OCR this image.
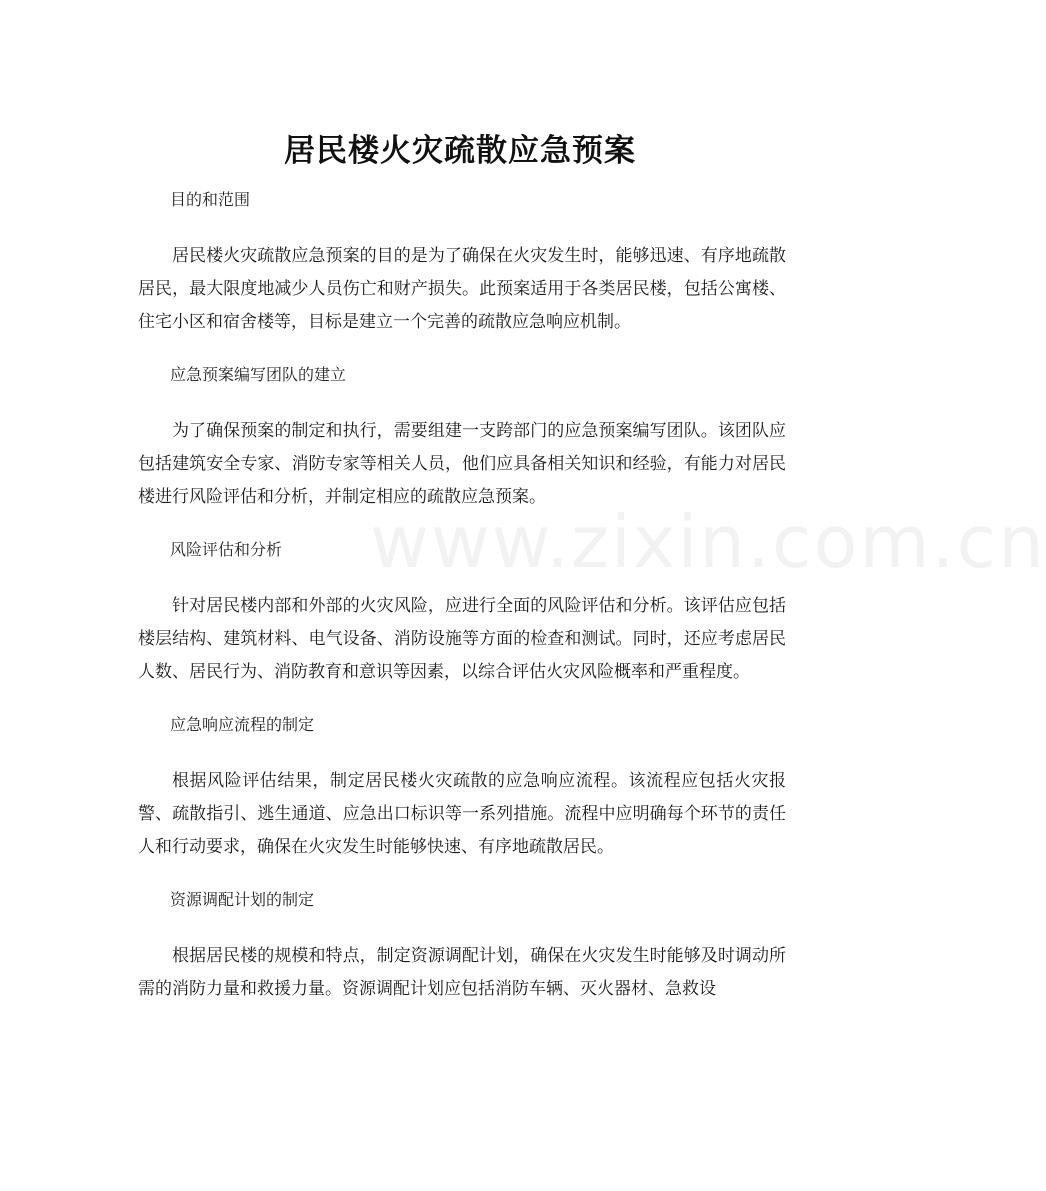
www.zixin.com.cn
居民楼火灾疏散应急预案

目的和范围

居民楼火灾疏散应急预案的目的是为了确保在火灾发生时，能够迅速、有序地疏散居民，最大限度地减少人员伤亡和财产损失。此预案适用于各类居民楼，包括公寓楼、住宅小区和宿舍楼等，目标是建立一个完善的疏散应急响应机制。

应急预案编写团队的建立

为了确保预案的制定和执行，需要组建一支跨部门的应急预案编写团队。该团队应包括建筑安全专家、消防专家等相关人员，他们应具备相关知识和经验，有能力对居民楼进行风险评估和分析，并制定相应的疏散应急预案。

风险评估和分析

针对居民楼内部和外部的火灾风险，应进行全面的风险评估和分析。该评估应包括楼层结构、建筑材料、电气设备、消防设施等方面的检查和测试。同时，还应考虑居民人数、居民行为、消防教育和意识等因素，以综合评估火灾风险概率和严重程度。

应急响应流程的制定

根据风险评估结果，制定居民楼火灾疏散的应急响应流程。该流程应包括火灾报警、疏散指引、逃生通道、应急出口标识等一系列措施。流程中应明确每个环节的责任人和行动要求，确保在火灾发生时能够快速、有序地疏散居民。

资源调配计划的制定

根据居民楼的规模和特点，制定资源调配计划，确保在火灾发生时能够及时调动所需的消防力量和救援力量。资源调配计划应包括消防车辆、灭火器材、急救设
